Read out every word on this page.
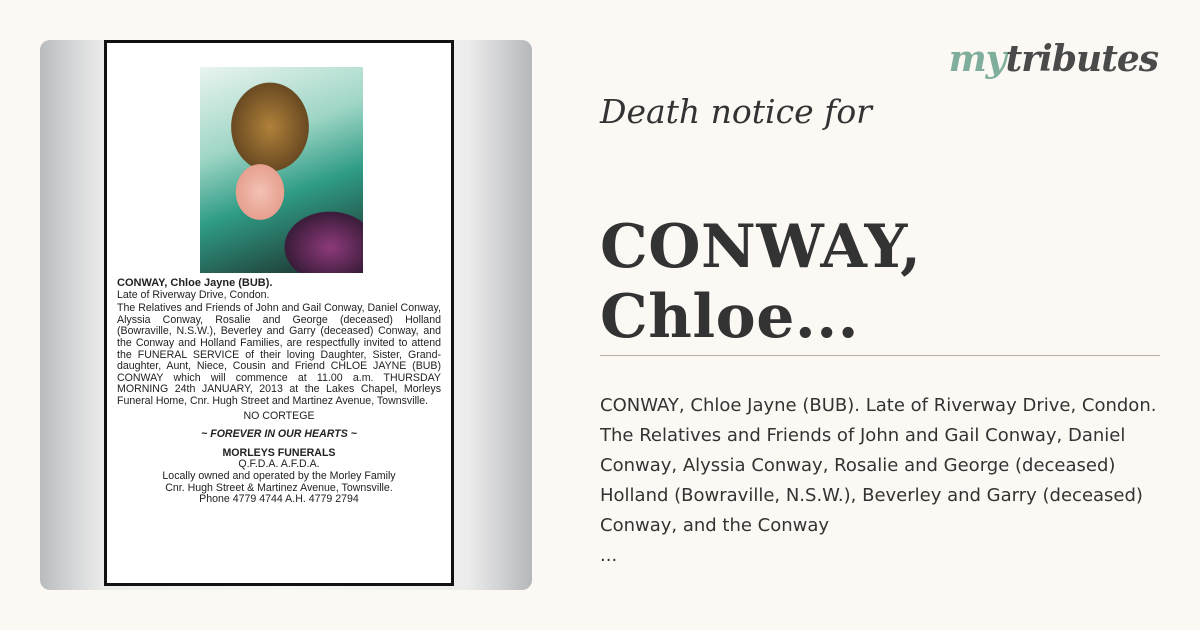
CONWAY, Chloe Jayne (BUB).

Late of Riverway Drive, Condon.

The Relatives and Friends of John and Gail Conway, Daniel Conway, Alyssia Conway, Rosalie and George (deceased) Holland (Bowraville, N.S.W.), Beverley and Garry (deceased) Conway, and the Conway and Holland Families, are respectfully invited to attend the FUNERAL SERVICE of their loving Daughter, Sister, Grand-daughter, Aunt, Niece, Cousin and Friend CHLOE JAYNE (BUB) CONWAY which will commence at 11.00 a.m. THURSDAY MORNING 24th JANUARY, 2013 at the Lakes Chapel, Morleys Funeral Home, Cnr. Hugh Street and Martinez Avenue, Townsville.

NO CORTEGE

~ FOREVER IN OUR HEARTS ~

MORLEYS FUNERALS

Q.F.D.A. A.F.D.A.

Locally owned and operated by the Morley Family

Cnr. Hugh Street & Martinez Avenue, Townsville.

Phone 4779 4744 A.H. 4779 2794

mytributes
Death notice for
CONWAY, Chloe...
CONWAY, Chloe Jayne (BUB). Late of Riverway Drive, Condon. The Relatives and Friends of John and Gail Conway, Daniel Conway, Alyssia Conway, Rosalie and George (deceased) Holland (Bowraville, N.S.W.), Beverley and Garry (deceased) Conway, and the Conway
...
